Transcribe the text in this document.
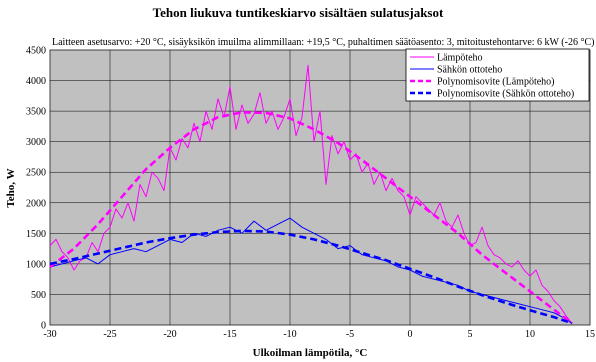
Tehon liukuva tuntikeskiarvo sisältäen sulatusjaksot
Laitteen asetusarvo: +20 °C, sisäyksikön imuilma alimmillaan: +19,5 °C, puhaltimen säätöasento: 3, mitoitustehontarve: 6 kW (-26 °C)
-30	-25	-20	-15	-10	-5	0	5	10	15
0
500
1000
1500
2000
2500
3000
3500
4000
4500
Ulkoilman lämpötila, °C
Teho, W
Lämpöteho
Sähkön ottoteho
Polynomisovite (Lämpöteho)
Polynomisovite (Sähkön ottoteho)
